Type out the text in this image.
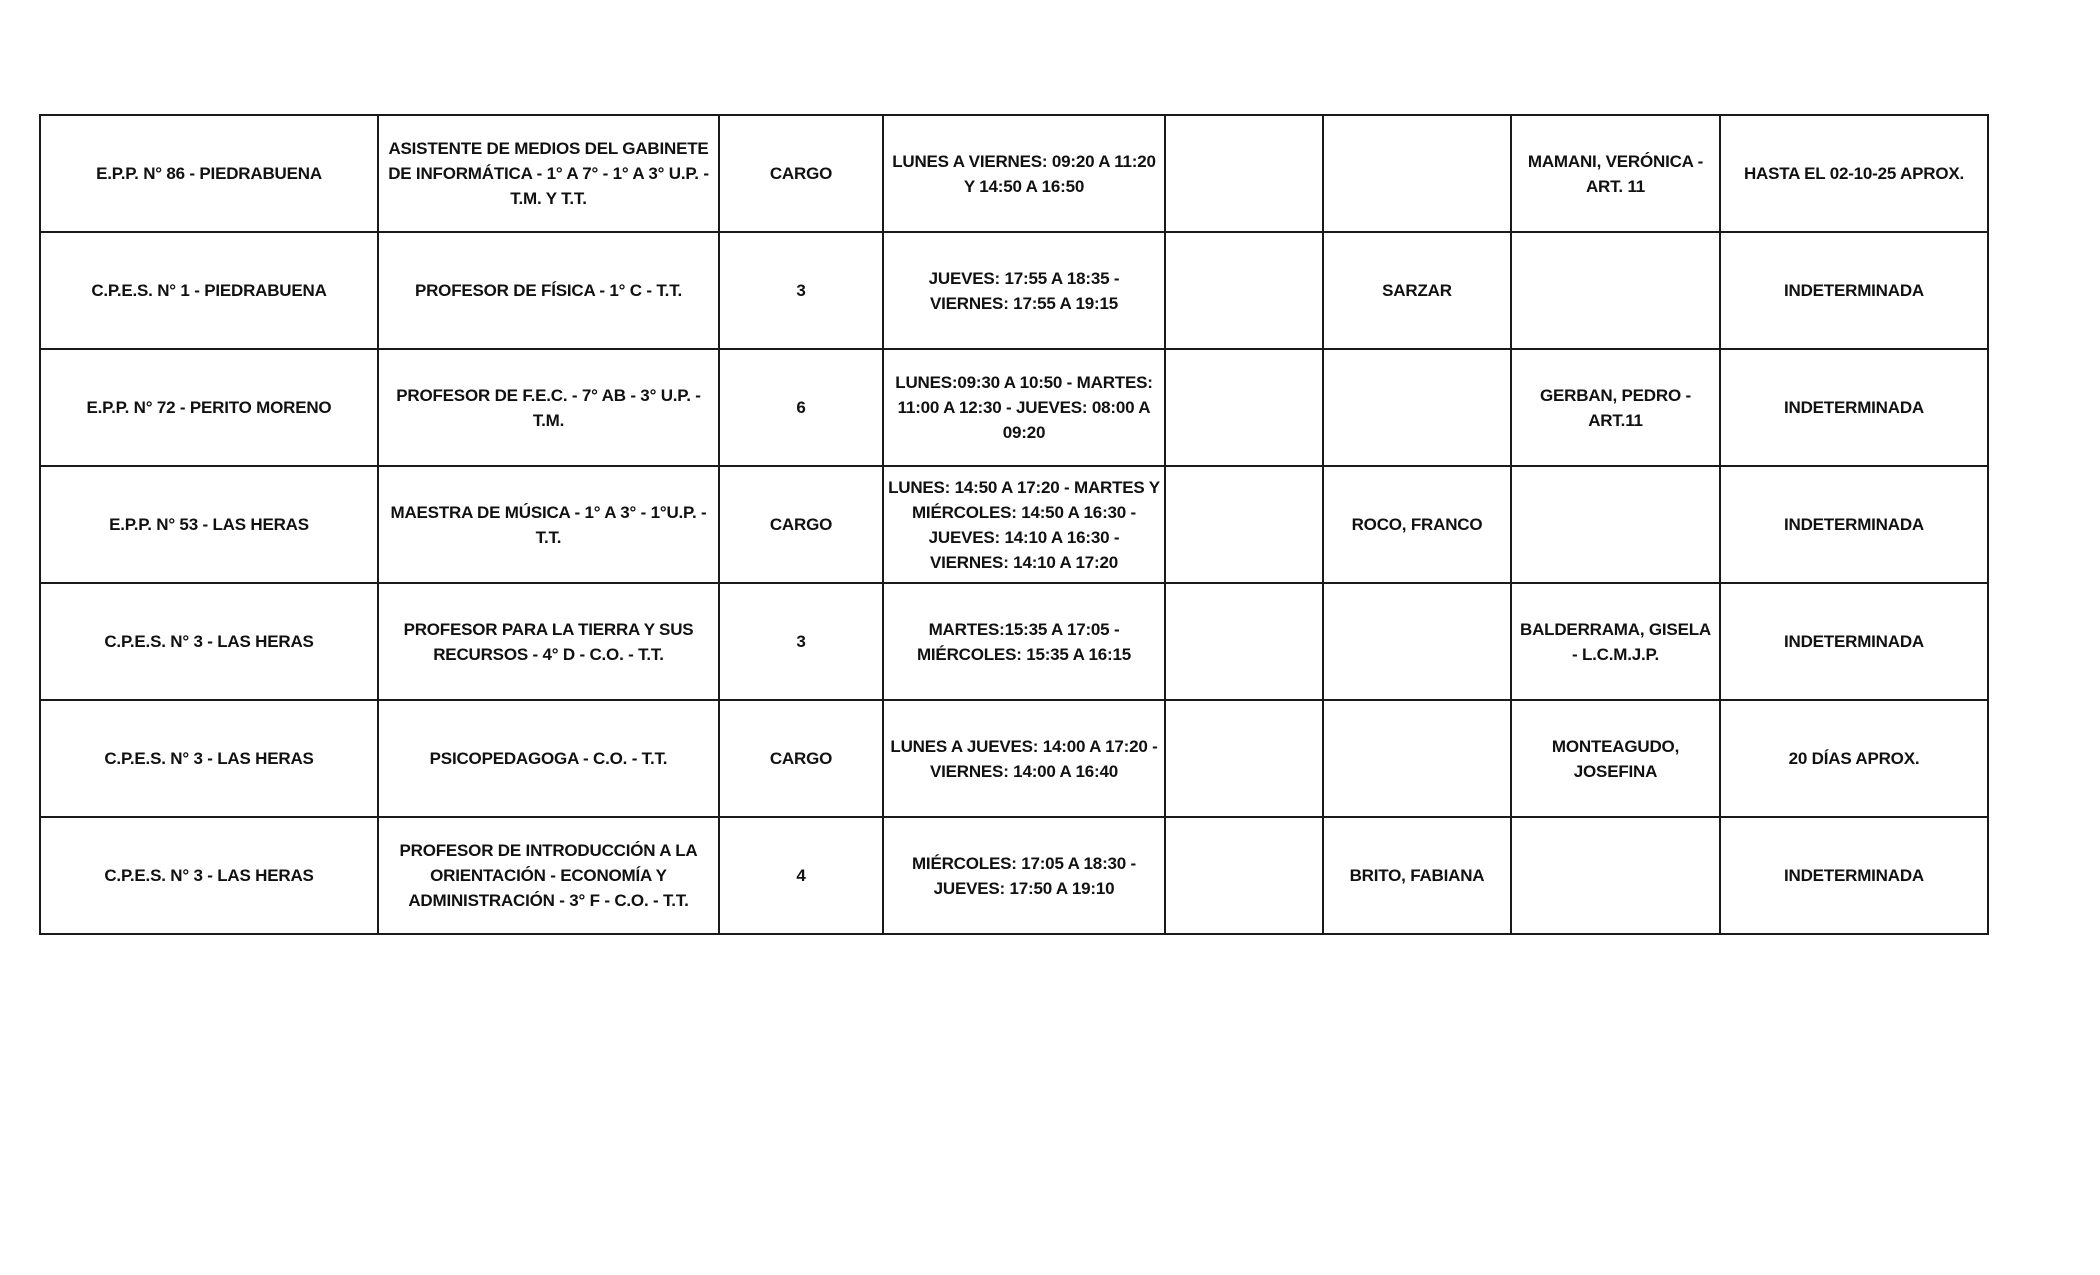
E.P.P. N° 86 - PIEDRABUENA	ASISTENTE DE MEDIOS DEL GABINETE DE INFORMÁTICA - 1° A 7° - 1° A 3° U.P. - T.M. Y T.T.	CARGO	LUNES A VIERNES: 09:20 A 11:20 Y 14:50 A 16:50			MAMANI, VERÓNICA - ART. 11	HASTA EL 02-10-25 APROX.
C.P.E.S. N° 1 - PIEDRABUENA	PROFESOR DE FÍSICA - 1° C - T.T.	3	JUEVES: 17:55 A 18:35 - VIERNES: 17:55 A 19:15		SARZAR		INDETERMINADA
E.P.P. N° 72 - PERITO MORENO	PROFESOR DE F.E.C. - 7° AB - 3° U.P. - T.M.	6	LUNES:09:30 A 10:50 - MARTES: 11:00 A 12:30 - JUEVES: 08:00 A 09:20			GERBAN, PEDRO - ART.11	INDETERMINADA
E.P.P. N° 53 - LAS HERAS	MAESTRA DE MÚSICA - 1° A 3° - 1°U.P. - T.T.	CARGO	LUNES: 14:50 A 17:20 - MARTES Y MIÉRCOLES: 14:50 A 16:30 - JUEVES: 14:10 A 16:30 - VIERNES: 14:10 A 17:20		ROCO, FRANCO		INDETERMINADA
C.P.E.S. N° 3 - LAS HERAS	PROFESOR PARA LA TIERRA Y SUS RECURSOS - 4° D - C.O. - T.T.	3	MARTES:15:35 A 17:05 - MIÉRCOLES: 15:35 A 16:15			BALDERRAMA, GISELA - L.C.M.J.P.	INDETERMINADA
C.P.E.S. N° 3 - LAS HERAS	PSICOPEDAGOGA - C.O. - T.T.	CARGO	LUNES A JUEVES: 14:00 A 17:20 - VIERNES: 14:00 A 16:40			MONTEAGUDO, JOSEFINA	20 DÍAS APROX.
C.P.E.S. N° 3 - LAS HERAS	PROFESOR DE INTRODUCCIÓN A LA ORIENTACIÓN - ECONOMÍA Y ADMINISTRACIÓN - 3° F - C.O. - T.T.	4	MIÉRCOLES: 17:05 A 18:30 - JUEVES: 17:50 A 19:10		BRITO, FABIANA		INDETERMINADA
